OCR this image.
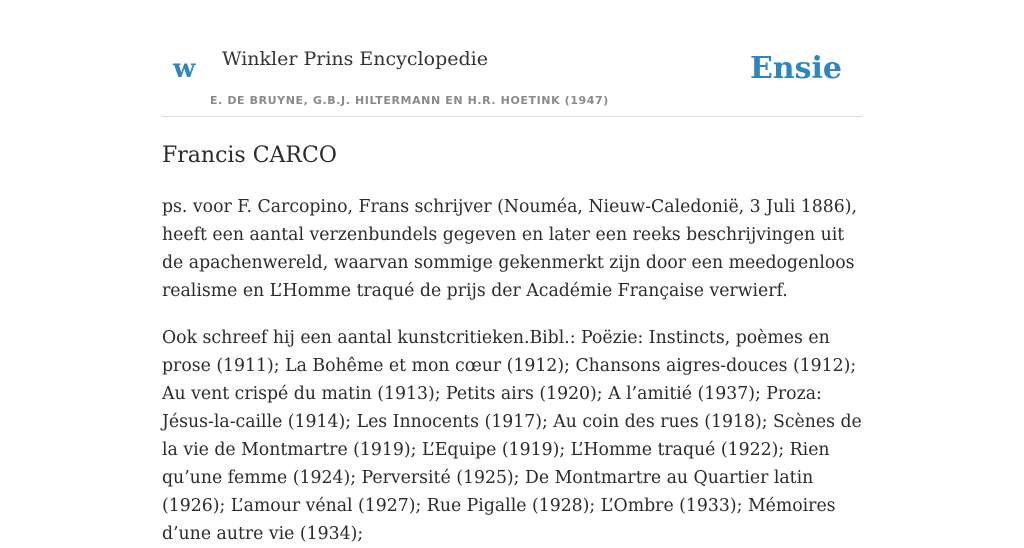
w Winkler Prins Encyclopedie
E. DE BRUYNE, G.B.J. HILTERMANN EN H.R. HOETINK (1947)
Ensie
Francis CARCO

ps. voor F. Carcopino, Frans schrijver (Nouméa, Nieuw-Caledonië, 3 Juli 1886), heeft een aantal verzenbundels gegeven en later een reeks beschrijvingen uit de apachenwereld, waarvan sommige gekenmerkt zijn door een meedogenloos realisme en L’Homme traqué de prijs der Académie Française verwierf.

Ook schreef hij een aantal kunstcritieken.Bibl.: Poëzie: Instincts, poèmes en prose (1911); La Bohême et mon cœur (1912); Chansons aigres-douces (1912); Au vent crispé du matin (1913); Petits airs (1920); A l’amitié (1937); Proza: Jésus-la-caille (1914); Les Innocents (1917); Au coin des rues (1918); Scènes de la vie de Montmartre (1919); L’Equipe (1919); L’Homme traqué (1922); Rien qu’une femme (1924); Perversité (1925); De Montmartre au Quartier latin (1926); L’amour vénal (1927); Rue Pigalle (1928); L’Ombre (1933); Mémoires d’une autre vie (1934);
